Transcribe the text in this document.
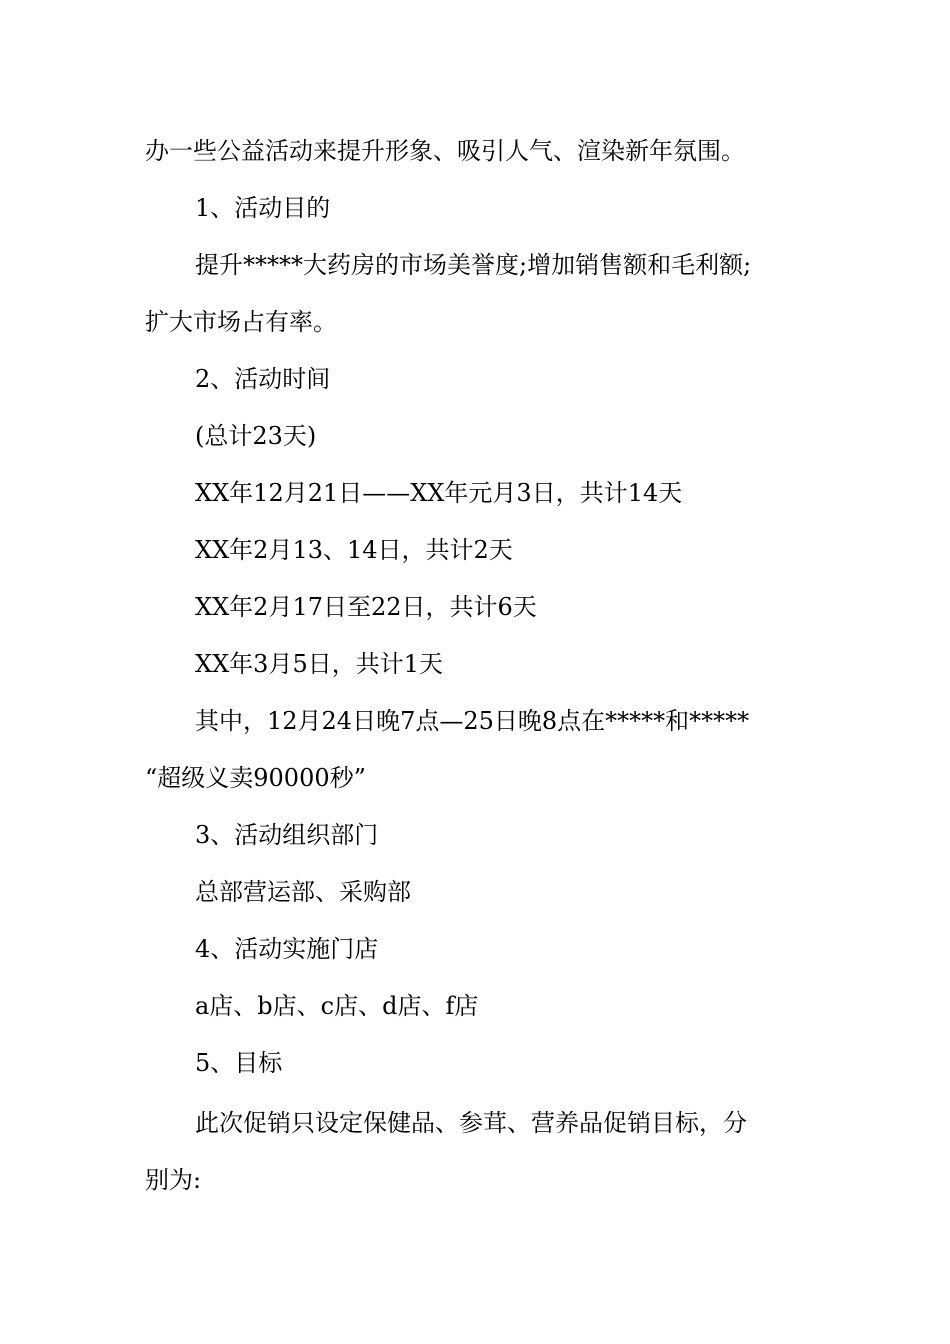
办一些公益活动来提升形象、吸引人气、渲染新年氛围。
1、活动目的
提升*****大药房的市场美誉度;增加销售额和毛利额;
扩大市场占有率。
2、活动时间
(总计23天)
XX年12月21日——XX年元月3日，共计14天
XX年2月13、14日，共计2天
XX年2月17日至22日，共计6天
XX年3月5日，共计1天
其中，12月24日晚7点—25日晚8点在*****和*****
“超级义卖90000秒”
3、活动组织部门
总部营运部、采购部
4、活动实施门店
a店、b店、c店、d店、f店
5、目标
此次促销只设定保健品、参茸、营养品促销目标，分
别为:
